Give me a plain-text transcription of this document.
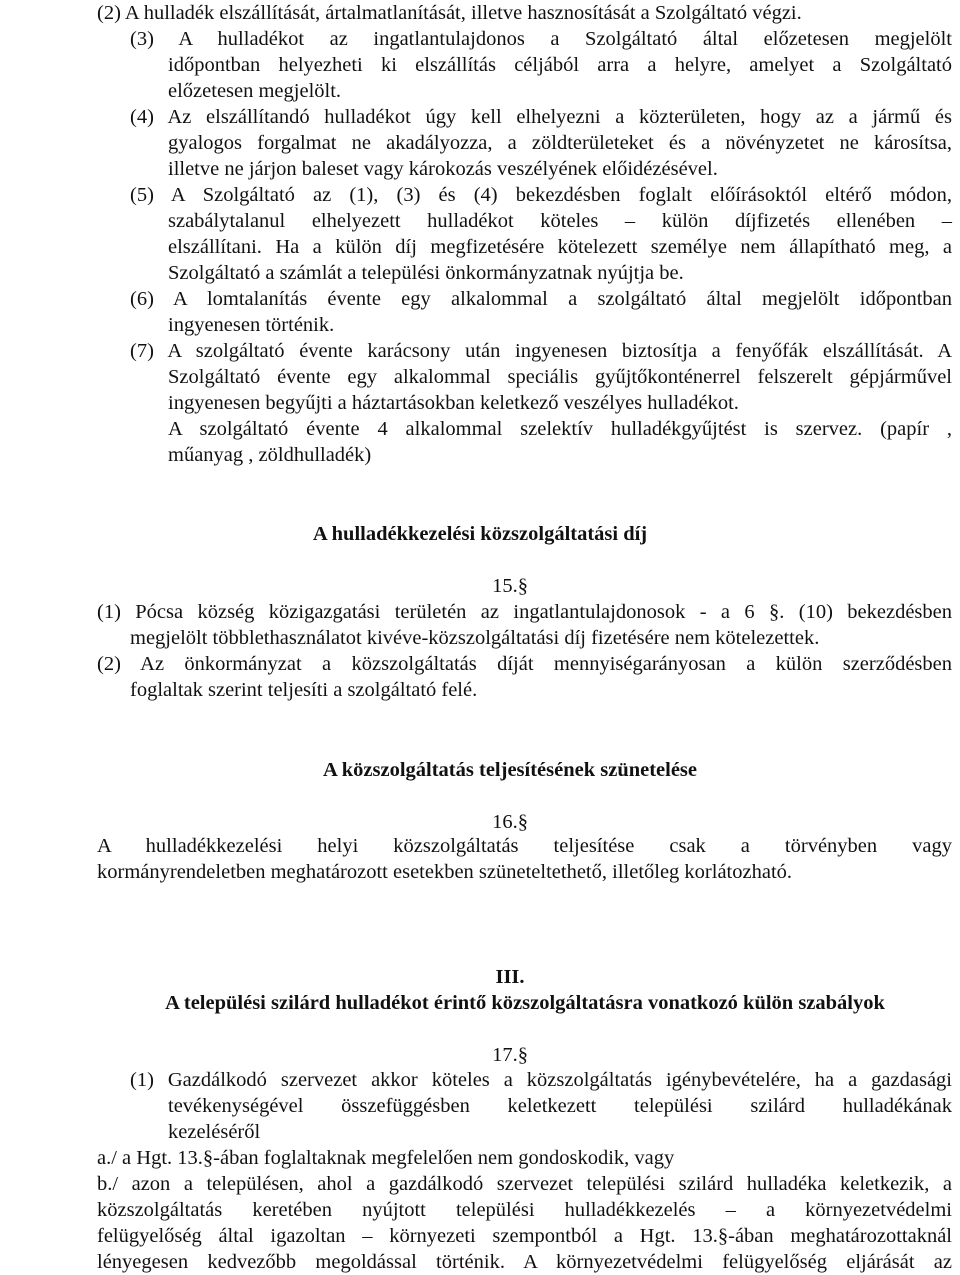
(2) A hulladék elszállítását, ártalmatlanítását, illetve hasznosítását a Szolgáltató végzi.
(3) A hulladékot az ingatlantulajdonos a Szolgáltató által előzetesen megjelölt
időpontban helyezheti ki elszállítás céljából arra a helyre, amelyet a Szolgáltató
előzetesen megjelölt.
(4) Az elszállítandó hulladékot úgy kell elhelyezni a közterületen, hogy az a jármű és
gyalogos forgalmat ne akadályozza, a zöldterületeket és a növényzetet ne károsítsa,
illetve ne járjon baleset vagy károkozás veszélyének előidézésével.
(5) A Szolgáltató az (1), (3) és (4) bekezdésben foglalt előírásoktól eltérő módon,
szabálytalanul elhelyezett hulladékot köteles – külön díjfizetés ellenében –
elszállítani. Ha a külön díj megfizetésére kötelezett személye nem állapítható meg, a
Szolgáltató a számlát a települési önkormányzatnak nyújtja be.
(6) A lomtalanítás évente egy alkalommal a szolgáltató által megjelölt időpontban
ingyenesen történik.
(7) A szolgáltató évente karácsony után ingyenesen biztosítja a fenyőfák elszállítását. A
Szolgáltató évente egy alkalommal speciális gyűjtőkonténerrel felszerelt gépjárművel
ingyenesen begyűjti a háztartásokban keletkező veszélyes hulladékot.
A szolgáltató évente 4 alkalommal szelektív hulladékgyűjtést is szervez. (papír ,
műanyag , zöldhulladék)
A hulladékkezelési közszolgáltatási díj
15.§
(1) Pócsa község közigazgatási területén az ingatlantulajdonosok - a 6 §. (10) bekezdésben
megjelölt többlethasználatot kivéve-közszolgáltatási díj fizetésére nem kötelezettek.
(2) Az önkormányzat a közszolgáltatás díját mennyiségarányosan a külön szerződésben
foglaltak szerint teljesíti a szolgáltató felé.
A közszolgáltatás teljesítésének szünetelése
16.§
A hulladékkezelési helyi közszolgáltatás teljesítése csak a törvényben vagy
kormányrendeletben meghatározott esetekben szüneteltethető, illetőleg korlátozható.
III.
A települési szilárd hulladékot érintő közszolgáltatásra vonatkozó külön szabályok
17.§
(1) Gazdálkodó szervezet akkor köteles a közszolgáltatás igénybevételére, ha a gazdasági
tevékenységével összefüggésben keletkezett települési szilárd hulladékának
kezeléséről
a./ a Hgt. 13.§-ában foglaltaknak megfelelően nem gondoskodik, vagy
b./ azon a településen, ahol a gazdálkodó szervezet települési szilárd hulladéka keletkezik, a
közszolgáltatás keretében nyújtott települési hulladékkezelés – a környezetvédelmi
felügyelőség által igazoltan – környezeti szempontból a Hgt. 13.§-ában meghatározottaknál
lényegesen kedvezőbb megoldással történik. A környezetvédelmi felügyelőség eljárását az
